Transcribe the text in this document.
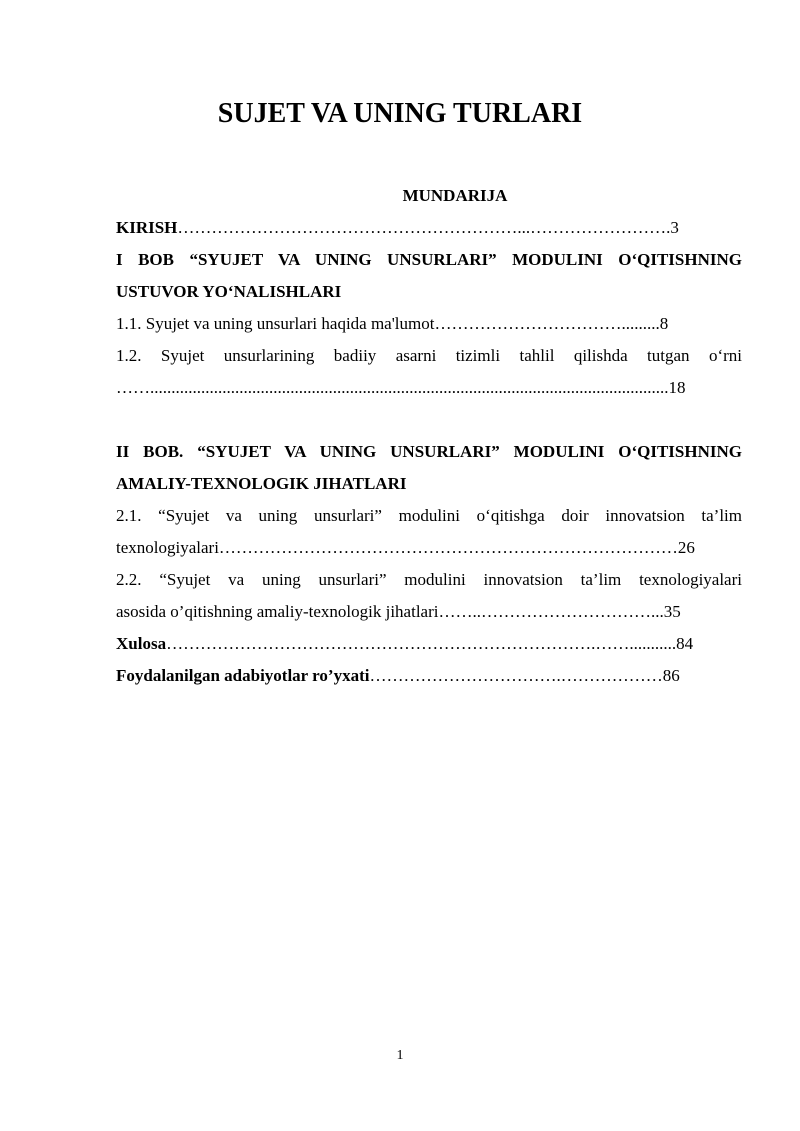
SUJET VA UNING TURLARI
MUNDARIJA
KIRISH……………………………………………………...…………………….3
I BOB “SYUJET VA UNING UNSURLARI” MODULINI O‘QITISHNING
USTUVOR YO‘NALISHLARI
1.1. Syujet va uning unsurlari haqida ma'lumot…………………………….........8
1.2. Syujet unsurlarining badiiy asarni tizimli tahlil qilishda tutgan o‘rni
……..........................................................................................................................18
II BOB. “SYUJET VA UNING UNSURLARI” MODULINI O‘QITISHNING
AMALIY-TEXNOLOGIK JIHATLARI
2.1. “Syujet va uning unsurlari” modulini o‘qitishga doir innovatsion ta’lim
texnologiyalari………………………………………………………………………26
2.2. “Syujet va uning unsurlari” modulini innovatsion ta’lim texnologiyalari
asosida o’qitishning amaliy-texnologik jihatlari……..…………………………...35
Xulosa………………………………………………………………….……...........84
Foydalanilgan adabiyotlar ro’yxati…………………………….………………86
1
